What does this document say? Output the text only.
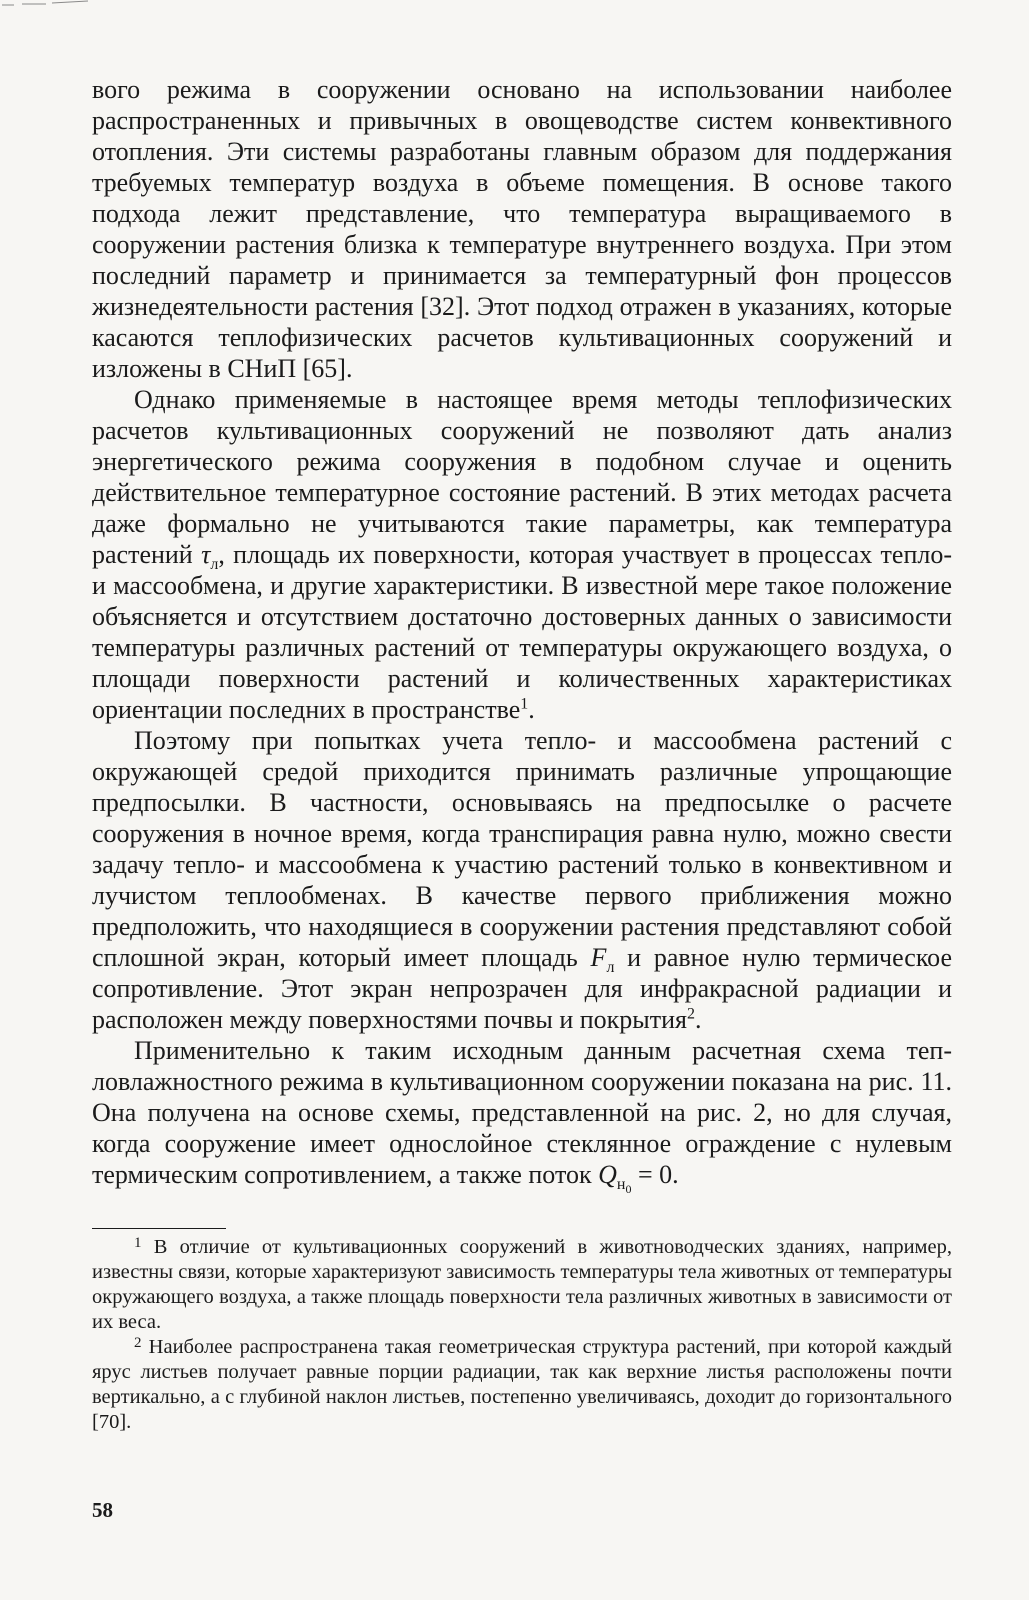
вого режима в сооружении основано на использовании наиболее распространенных и привычных в овощеводстве систем конвективного отопления. Эти системы разработаны главным образом для поддержания требуемых температур воздуха в объеме помещения. В основе такого подхода лежит представление, что температура выращиваемого в сооружении растения близка к температуре внутреннего воздуха. При этом последний параметр и принимается за температурный фон процессов жизнедеятельности растения [32]. Этот подход отражен в указаниях, которые касаются теплофизических расчетов культивационных сооружений и изложены в СНиП [65].

Однако применяемые в настоящее время методы теплофизических расчетов культивационных сооружений не позволяют дать анализ энергетического режима сооружения в подобном случае и оценить действительное температурное состояние растений. В этих методах расчета даже формально не учитываются такие параметры, как температура растений $\tau_л$, площадь их поверхности, которая участвует в процессах тепло- и массообмена, и другие характеристики. В известной мере такое положение объясняется и отсутствием достаточно достоверных данных о зависимости температуры различных растений от температуры окружающего воздуха, о площади поверхности растений и количественных характеристиках ориентации последних в пространстве$^1$.

Поэтому при попытках учета тепло- и массообмена растений с окружающей средой приходится принимать различные упрощающие предпосылки. В частности, основываясь на предпосылке о расчете сооружения в ночное время, когда транспирация равна нулю, можно свести задачу тепло- и массообмена к участию растений только в конвективном и лучистом теплообменах. В качестве первого приближения можно предположить, что находящиеся в сооружении растения представляют собой сплошной экран, который имеет площадь $F_л$ и равное нулю термическое сопротивление. Этот экран непрозрачен для инфракрасной радиации и расположен между поверхностями почвы и покрытия$^2$.

Применительно к таким исходным данным расчетная схема тепловлажностного режима в культивационном сооружении показана на рис. 11. Она получена на основе схемы, представленной на рис. 2, но для случая, когда сооружение имеет однослойное стеклянное ограждение с нулевым термическим сопротивлением, а также поток $Q_{н_0} = 0$.

$^1$ В отличие от культивационных сооружений в животноводческих зданиях, например, известны связи, которые характеризуют зависимость температуры тела животных от температуры окружающего воздуха, а также площадь поверхности тела различных животных в зависимости от их веса.

$^2$ Наиболее распространена такая геометрическая структура растений, при которой каждый ярус листьев получает равные порции радиации, так как верхние листья расположены почти вертикально, а с глубиной наклон листьев, постепенно увеличиваясь, доходит до горизонтального [70].

58
